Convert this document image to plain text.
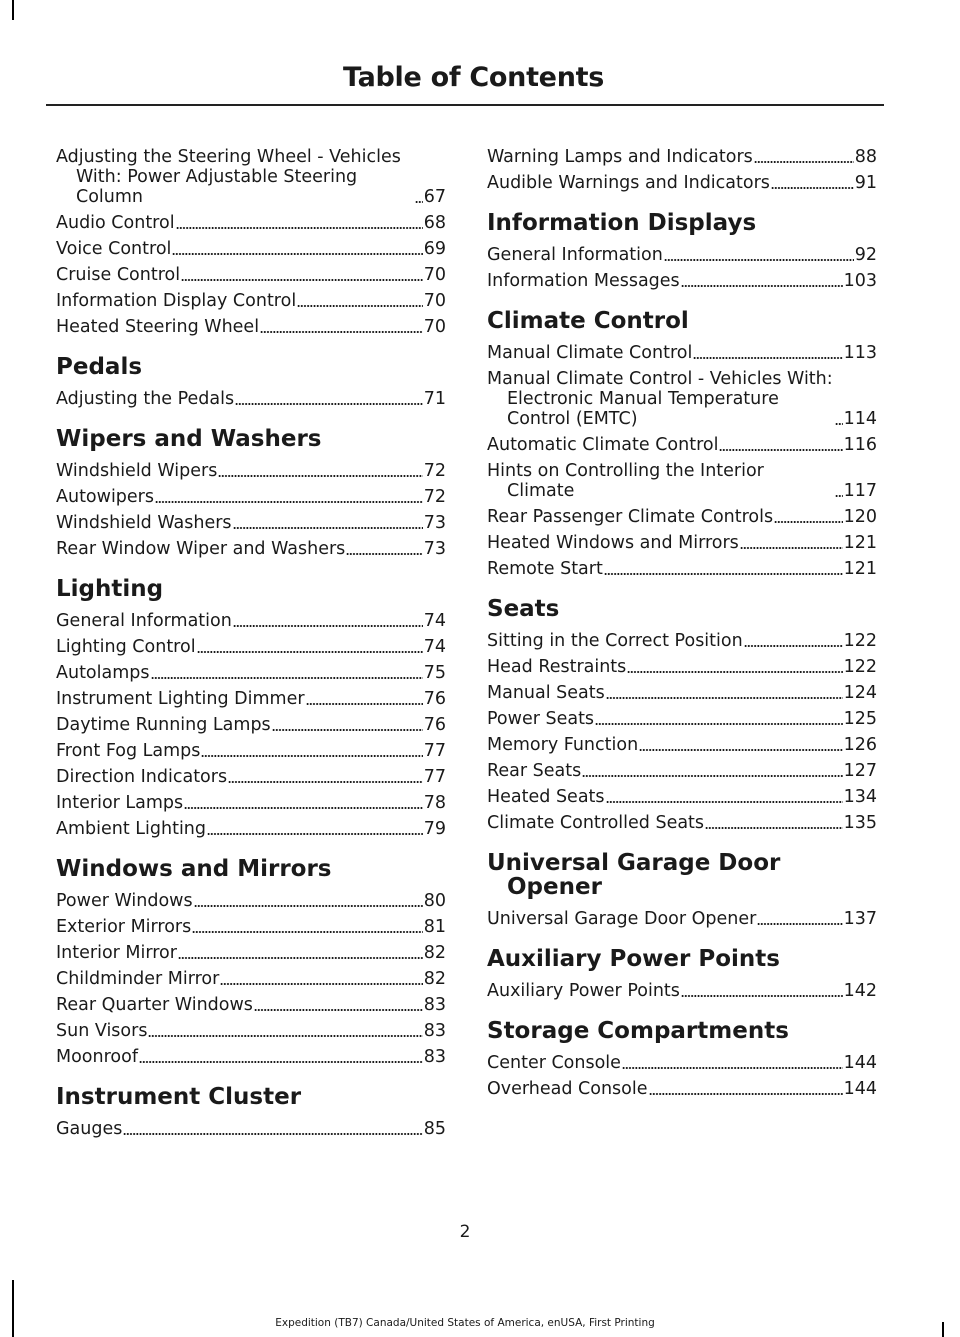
Table of Contents
Adjusting the Steering Wheel - Vehicles With: Power Adjustable Steering Column	67
Audio Control	68
Voice Control	69
Cruise Control	70
Information Display Control	70
Heated Steering Wheel	70
Pedals
Adjusting the Pedals	71
Wipers and Washers
Windshield Wipers	72
Autowipers	72
Windshield Washers	73
Rear Window Wiper and Washers	73
Lighting
General Information	74
Lighting Control	74
Autolamps	75
Instrument Lighting Dimmer	76
Daytime Running Lamps	76
Front Fog Lamps	77
Direction Indicators	77
Interior Lamps	78
Ambient Lighting	79
Windows and Mirrors
Power Windows	80
Exterior Mirrors	81
Interior Mirror	82
Childminder Mirror	82
Rear Quarter Windows	83
Sun Visors	83
Moonroof	83
Instrument Cluster
Gauges	85
Warning Lamps and Indicators	88
Audible Warnings and Indicators	91
Information Displays
General Information	92
Information Messages	103
Climate Control
Manual Climate Control	113
Manual Climate Control - Vehicles With: Electronic Manual Temperature Control (EMTC)	114
Automatic Climate Control	116
Hints on Controlling the Interior Climate	117
Rear Passenger Climate Controls	120
Heated Windows and Mirrors	121
Remote Start	121
Seats
Sitting in the Correct Position	122
Head Restraints	122
Manual Seats	124
Power Seats	125
Memory Function	126
Rear Seats	127
Heated Seats	134
Climate Controlled Seats	135
Universal Garage Door Opener
Universal Garage Door Opener	137
Auxiliary Power Points
Auxiliary Power Points	142
Storage Compartments
Center Console	144
Overhead Console	144
2
Expedition (TB7) Canada/United States of America, enUSA, First Printing
